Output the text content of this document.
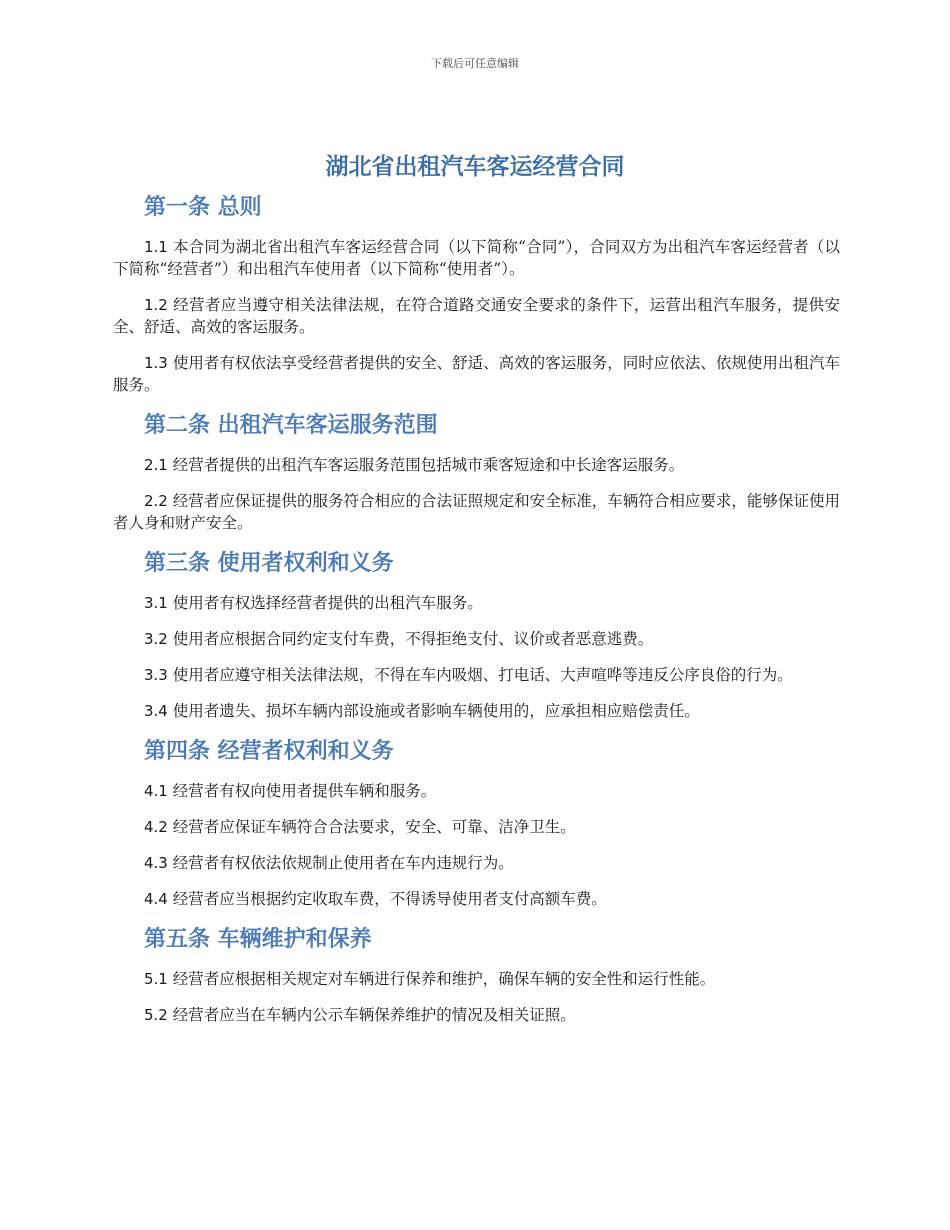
下载后可任意编辑
湖北省出租汽车客运经营合同
第一条 总则

1.1 本合同为湖北省出租汽车客运经营合同（以下简称“合同”），合同双方为出租汽车客运经营者（以下简称“经营者”）和出租汽车使用者（以下简称“使用者”）。

1.2 经营者应当遵守相关法律法规，在符合道路交通安全要求的条件下，运营出租汽车服务，提供安全、舒适、高效的客运服务。

1.3 使用者有权依法享受经营者提供的安全、舒适、高效的客运服务，同时应依法、依规使用出租汽车服务。

第二条 出租汽车客运服务范围

2.1 经营者提供的出租汽车客运服务范围包括城市乘客短途和中长途客运服务。

2.2 经营者应保证提供的服务符合相应的合法证照规定和安全标准，车辆符合相应要求，能够保证使用者人身和财产安全。

第三条 使用者权利和义务

3.1 使用者有权选择经营者提供的出租汽车服务。

3.2 使用者应根据合同约定支付车费，不得拒绝支付、议价或者恶意逃费。

3.3 使用者应遵守相关法律法规，不得在车内吸烟、打电话、大声喧哗等违反公序良俗的行为。

3.4 使用者遗失、损坏车辆内部设施或者影响车辆使用的，应承担相应赔偿责任。

第四条 经营者权利和义务

4.1 经营者有权向使用者提供车辆和服务。

4.2 经营者应保证车辆符合合法要求，安全、可靠、洁净卫生。

4.3 经营者有权依法依规制止使用者在车内违规行为。

4.4 经营者应当根据约定收取车费，不得诱导使用者支付高额车费。

第五条 车辆维护和保养

5.1 经营者应根据相关规定对车辆进行保养和维护，确保车辆的安全性和运行性能。

5.2 经营者应当在车辆内公示车辆保养维护的情况及相关证照。
